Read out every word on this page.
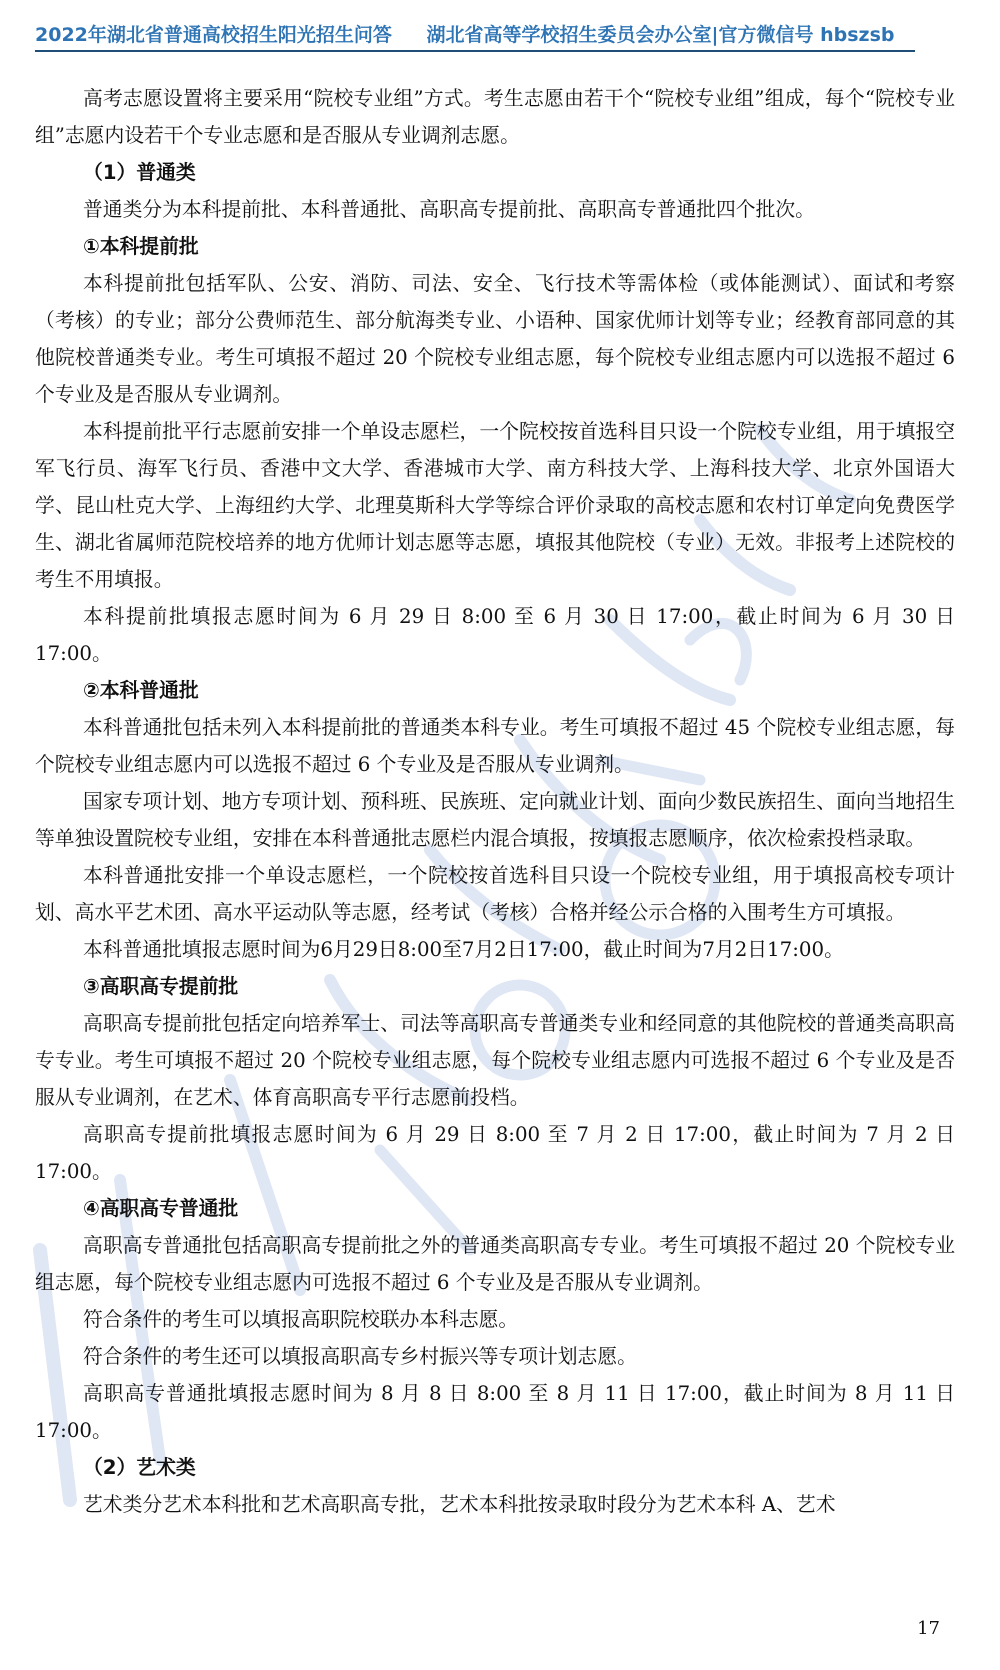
2022年湖北省普通高校招生阳光招生问答 湖北省高等学校招生委员会办公室|官方微信号 hbszsb

高考志愿设置将主要采用“院校专业组”方式。考生志愿由若干个“院校专业组”组成，每个“院校专业组”志愿内设若干个专业志愿和是否服从专业调剂志愿。

（1）普通类

普通类分为本科提前批、本科普通批、高职高专提前批、高职高专普通批四个批次。

①本科提前批

本科提前批包括军队、公安、消防、司法、安全、飞行技术等需体检（或体能测试）、面试和考察（考核）的专业；部分公费师范生、部分航海类专业、小语种、国家优师计划等专业；经教育部同意的其他院校普通类专业。考生可填报不超过 20 个院校专业组志愿，每个院校专业组志愿内可以选报不超过 6 个专业及是否服从专业调剂。

本科提前批平行志愿前安排一个单设志愿栏，一个院校按首选科目只设一个院校专业组，用于填报空军飞行员、海军飞行员、香港中文大学、香港城市大学、南方科技大学、上海科技大学、北京外国语大学、昆山杜克大学、上海纽约大学、北理莫斯科大学等综合评价录取的高校志愿和农村订单定向免费医学生、湖北省属师范院校培养的地方优师计划志愿等志愿，填报其他院校（专业）无效。非报考上述院校的考生不用填报。

本科提前批填报志愿时间为 6 月 29 日 8:00 至 6 月 30 日 17:00，截止时间为 6 月 30 日 17:00。

②本科普通批

本科普通批包括未列入本科提前批的普通类本科专业。考生可填报不超过 45 个院校专业组志愿，每个院校专业组志愿内可以选报不超过 6 个专业及是否服从专业调剂。

国家专项计划、地方专项计划、预科班、民族班、定向就业计划、面向少数民族招生、面向当地招生等单独设置院校专业组，安排在本科普通批志愿栏内混合填报，按填报志愿顺序，依次检索投档录取。

本科普通批安排一个单设志愿栏，一个院校按首选科目只设一个院校专业组，用于填报高校专项计划、高水平艺术团、高水平运动队等志愿，经考试（考核）合格并经公示合格的入围考生方可填报。

本科普通批填报志愿时间为6月29日8:00至7月2日17:00，截止时间为7月2日17:00。

③高职高专提前批

高职高专提前批包括定向培养军士、司法等高职高专普通类专业和经同意的其他院校的普通类高职高专专业。考生可填报不超过 20 个院校专业组志愿，每个院校专业组志愿内可选报不超过 6 个专业及是否服从专业调剂，在艺术、体育高职高专平行志愿前投档。

高职高专提前批填报志愿时间为 6 月 29 日 8:00 至 7 月 2 日 17:00，截止时间为 7 月 2 日 17:00。

④高职高专普通批

高职高专普通批包括高职高专提前批之外的普通类高职高专专业。考生可填报不超过 20 个院校专业组志愿，每个院校专业组志愿内可选报不超过 6 个专业及是否服从专业调剂。

符合条件的考生可以填报高职院校联办本科志愿。

符合条件的考生还可以填报高职高专乡村振兴等专项计划志愿。

高职高专普通批填报志愿时间为 8 月 8 日 8:00 至 8 月 11 日 17:00，截止时间为 8 月 11 日 17:00。

（2）艺术类

艺术类分艺术本科批和艺术高职高专批，艺术本科批按录取时段分为艺术本科 A、艺术

17
